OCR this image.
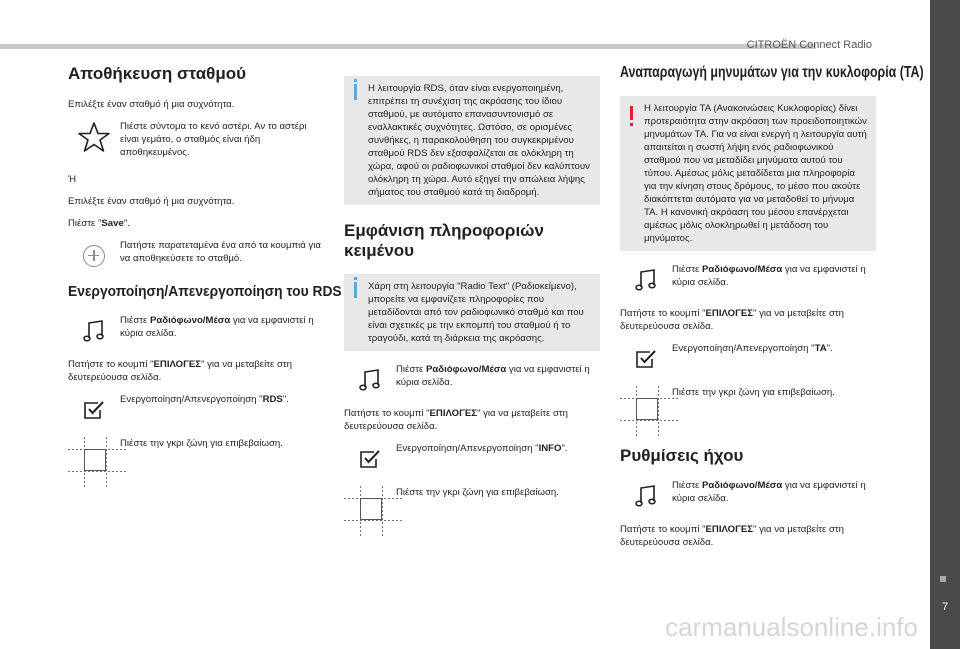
CITROËN Connect Radio
7
carmanualsonline.info
Αποθήκευση σταθμού

Επιλέξτε έναν σταθμό ή μια συχνότητα.

Πιέστε σύντομα το κενό αστέρι. Αν το αστέρι είναι γεμάτο, ο σταθμός είναι ήδη αποθηκευμένος.

Ή

Επιλέξτε έναν σταθμό ή μια συχνότητα.

Πιέστε "Save".

Πατήστε παρατεταμένα ένα από τα κουμπιά για να αποθηκεύσετε το σταθμό.
Ενεργοποίηση/Απενεργοποίηση του RDS
Πιέστε Ραδιόφωνο/Μέσα για να εμφανιστεί η κύρια σελίδα.

Πατήστε το κουμπί "ΕΠΙΛΟΓΕΣ" για να μεταβείτε στη δευτερεύουσα σελίδα.

Ενεργοποίηση/Απενεργοποίηση "RDS".
Πιέστε την γκρι ζώνη για επιβεβαίωση.

Η λειτουργία RDS, όταν είναι ενεργοποιημένη, επιτρέπει τη συνέχιση της ακρόασης του ίδιου σταθμού, με αυτόματο επανασυντονισμό σε εναλλακτικές συχνότητες. Ωστόσο, σε ορισμένες συνθήκες, η παρακολούθηση του συγκεκριμένου σταθμού RDS δεν εξασφαλίζεται σε ολόκληρη τη χώρα, αφού οι ραδιοφωνικοί σταθμοί δεν καλύπτουν ολόκληρη τη χώρα. Αυτό εξηγεί την απώλεια λήψης σήματος του σταθμού κατά τη διαδρομή.

Εμφάνιση πληροφοριών κειμένου

Χάρη στη λειτουργία "Radio Text" (Ραδιοκείμενο), μπορείτε να εμφανίζετε πληροφορίες που μεταδίδονται από τον ραδιοφωνικό σταθμό και που είναι σχετικές με την εκπομπή του σταθμού ή το τραγούδι, κατά τη διάρκεια της ακρόασης.

Πιέστε Ραδιόφωνο/Μέσα για να εμφανιστεί η κύρια σελίδα.

Πατήστε το κουμπί "ΕΠΙΛΟΓΕΣ" για να μεταβείτε στη δευτερεύουσα σελίδα.

Ενεργοποίηση/Απενεργοποίηση "INFO".
Πιέστε την γκρι ζώνη για επιβεβαίωση.
Αναπαραγωγή μηνυμάτων για την κυκλοφορία (TA)

Η λειτουργία TA (Ανακοινώσεις Κυκλοφορίας) δίνει προτεραιότητα στην ακρόαση των προειδοποιητικών μηνυμάτων TA. Για να είναι ενεργή η λειτουργία αυτή απαιτείται η σωστή λήψη ενός ραδιοφωνικού σταθμού που να μεταδίδει μηνύματα αυτού του τύπου. Αμέσως μόλις μεταδίδεται μια πληροφορία για την κίνηση στους δρόμους, το μέσο που ακούτε διακόπτεται αυτόματα για να μεταδοθεί το μήνυμα TA. Η κανονική ακρόαση του μέσου επανέρχεται αμέσως μόλις ολοκληρωθεί η μετάδοση του μηνύματος.

Πιέστε Ραδιόφωνο/Μέσα για να εμφανιστεί η κύρια σελίδα.

Πατήστε το κουμπί "ΕΠΙΛΟΓΕΣ" για να μεταβείτε στη δευτερεύουσα σελίδα.

Ενεργοποίηση/Απενεργοποίηση "TA".
Πιέστε την γκρι ζώνη για επιβεβαίωση.
Ρυθμίσεις ήχου
Πιέστε Ραδιόφωνο/Μέσα για να εμφανιστεί η κύρια σελίδα.

Πατήστε το κουμπί "ΕΠΙΛΟΓΕΣ" για να μεταβείτε στη δευτερεύουσα σελίδα.
